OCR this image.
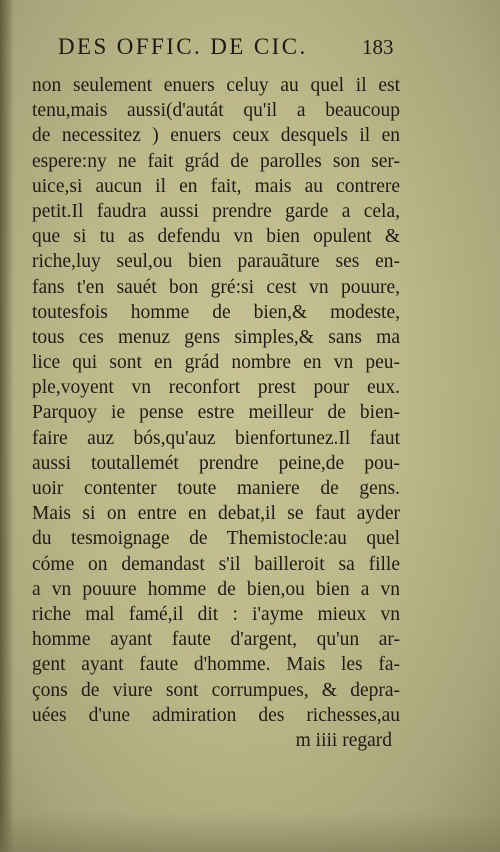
DES OFFIC. DE CIC.	183
non seulement enuers celuy au quel il est
tenu,mais aussi(d'autát qu'il a beaucoup
de necessitez ) enuers ceux desquels il en
espere:ny ne fait grád de parolles son ser-
uice,si aucun il en fait, mais au contrere
petit.Il faudra aussi prendre garde a cela,
que si tu as defendu vn bien opulent &
riche,luy seul,ou bien parauãture ses en-
fans t'en sauét bon gré:si cest vn pouure,
toutesfois homme de bien,& modeste,
tous ces menuz gens simples,& sans ma
lice qui sont en grád nombre en vn peu-
ple,voyent vn reconfort prest pour eux.
Parquoy ie pense estre meilleur de bien-
faire auz bós,qu'auz bienfortunez.Il faut
aussi toutallemét prendre peine,de pou-
uoir contenter toute maniere de gens.
Mais si on entre en debat,il se faut ayder
du tesmoignage de Themistocle:au quel
cóme on demandast s'il bailleroit sa fille
a vn pouure homme de bien,ou bien a vn
riche mal famé,il dit : i'ayme mieux vn
homme ayant faute d'argent, qu'un ar-
gent ayant faute d'homme. Mais les fa-
çons de viure sont corrumpues, & depra-
uées d'une admiration des richesses,au
m iiii regard
